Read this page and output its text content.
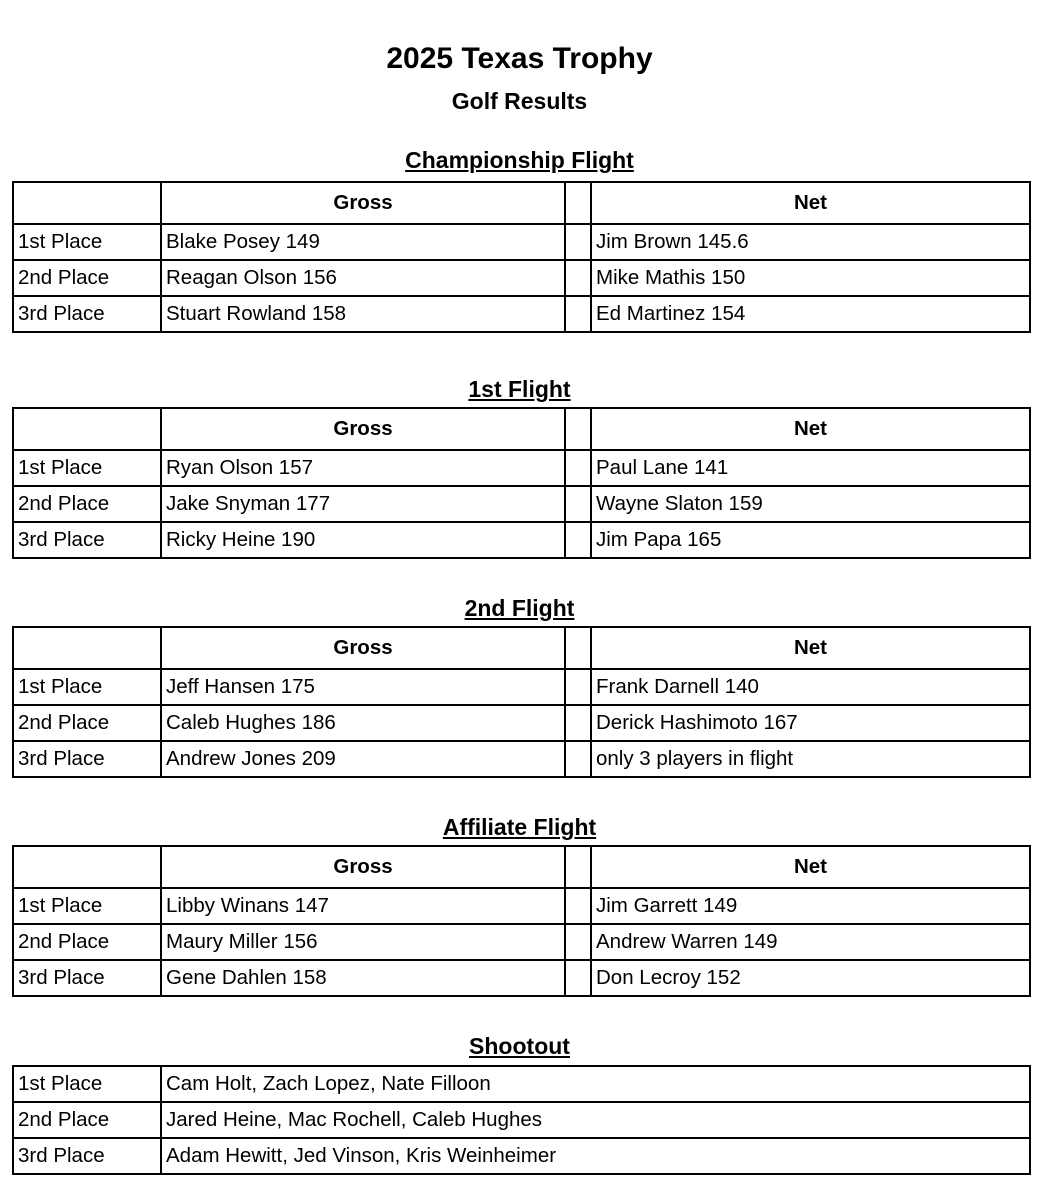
2025 Texas Trophy
Golf Results
Championship Flight
	Gross		Net
1st Place	Blake Posey 149		Jim Brown 145.6
2nd Place	Reagan Olson 156		Mike Mathis 150
3rd Place	Stuart Rowland 158		Ed Martinez 154
1st Flight
	Gross		Net
1st Place	Ryan Olson 157		Paul Lane 141
2nd Place	Jake Snyman 177		Wayne Slaton 159
3rd Place	Ricky Heine 190		Jim Papa 165
2nd Flight
	Gross		Net
1st Place	Jeff Hansen 175		Frank Darnell 140
2nd Place	Caleb Hughes 186		Derick Hashimoto 167
3rd Place	Andrew Jones 209		only 3 players in flight
Affiliate Flight
	Gross		Net
1st Place	Libby Winans 147		Jim Garrett 149
2nd Place	Maury Miller 156		Andrew Warren 149
3rd Place	Gene Dahlen 158		Don Lecroy 152
Shootout
1st Place	Cam Holt, Zach Lopez, Nate Filloon
2nd Place	Jared Heine, Mac Rochell, Caleb Hughes
3rd Place	Adam Hewitt, Jed Vinson, Kris Weinheimer
